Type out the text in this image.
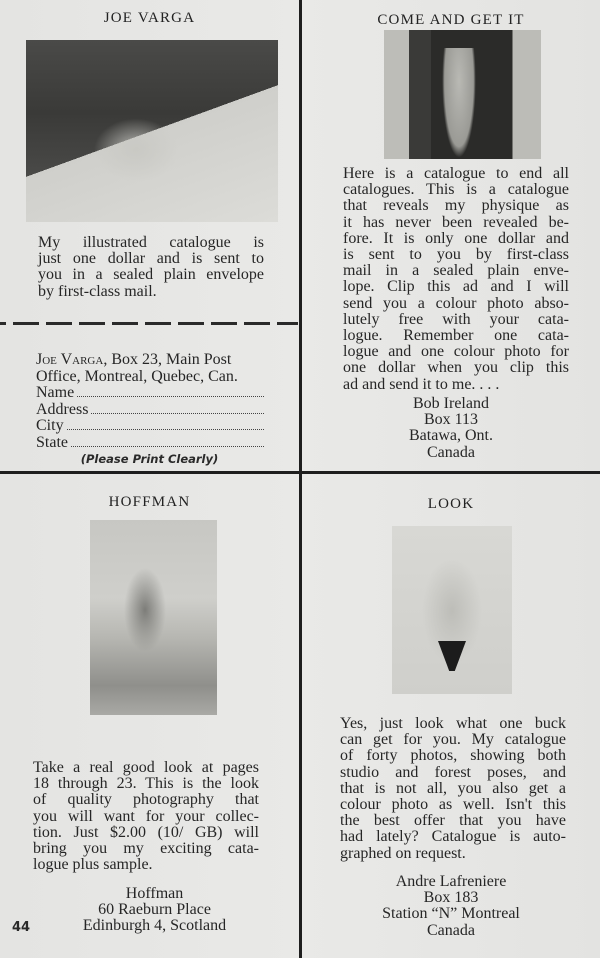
JOE VARGA
My illustrated catalogue is
just one dollar and is sent to
you in a sealed plain envelope
by first-class mail.
Joe Varga, Box 23, Main Post
Office, Montreal, Quebec, Can.
Name
Address
City
State
(Please Print Clearly)
COME AND GET IT
Here is a catalogue to end all
catalogues. This is a catalogue
that reveals my physique as
it has never been revealed be-
fore. It is only one dollar and
is sent to you by first-class
mail in a sealed plain enve-
lope. Clip this ad and I will
send you a colour photo abso-
lutely free with your cata-
logue. Remember one cata-
logue and one colour photo for
one dollar when you clip this
ad and send it to me. . . .
Bob Ireland
Box 113
Batawa, Ont.
Canada
HOFFMAN
Take a real good look at pages
18 through 23. This is the look
of quality photography that
you will want for your collec-
tion. Just $2.00 (10/ GB) will
bring you my exciting cata-
logue plus sample.
Hoffman
60 Raeburn Place
Edinburgh 4, Scotland
44
LOOK
Yes, just look what one buck
can get for you. My catalogue
of forty photos, showing both
studio and forest poses, and
that is not all, you also get a
colour photo as well. Isn't this
the best offer that you have
had lately? Catalogue is auto-
graphed on request.
Andre Lafreniere
Box 183
Station “N” Montreal
Canada
